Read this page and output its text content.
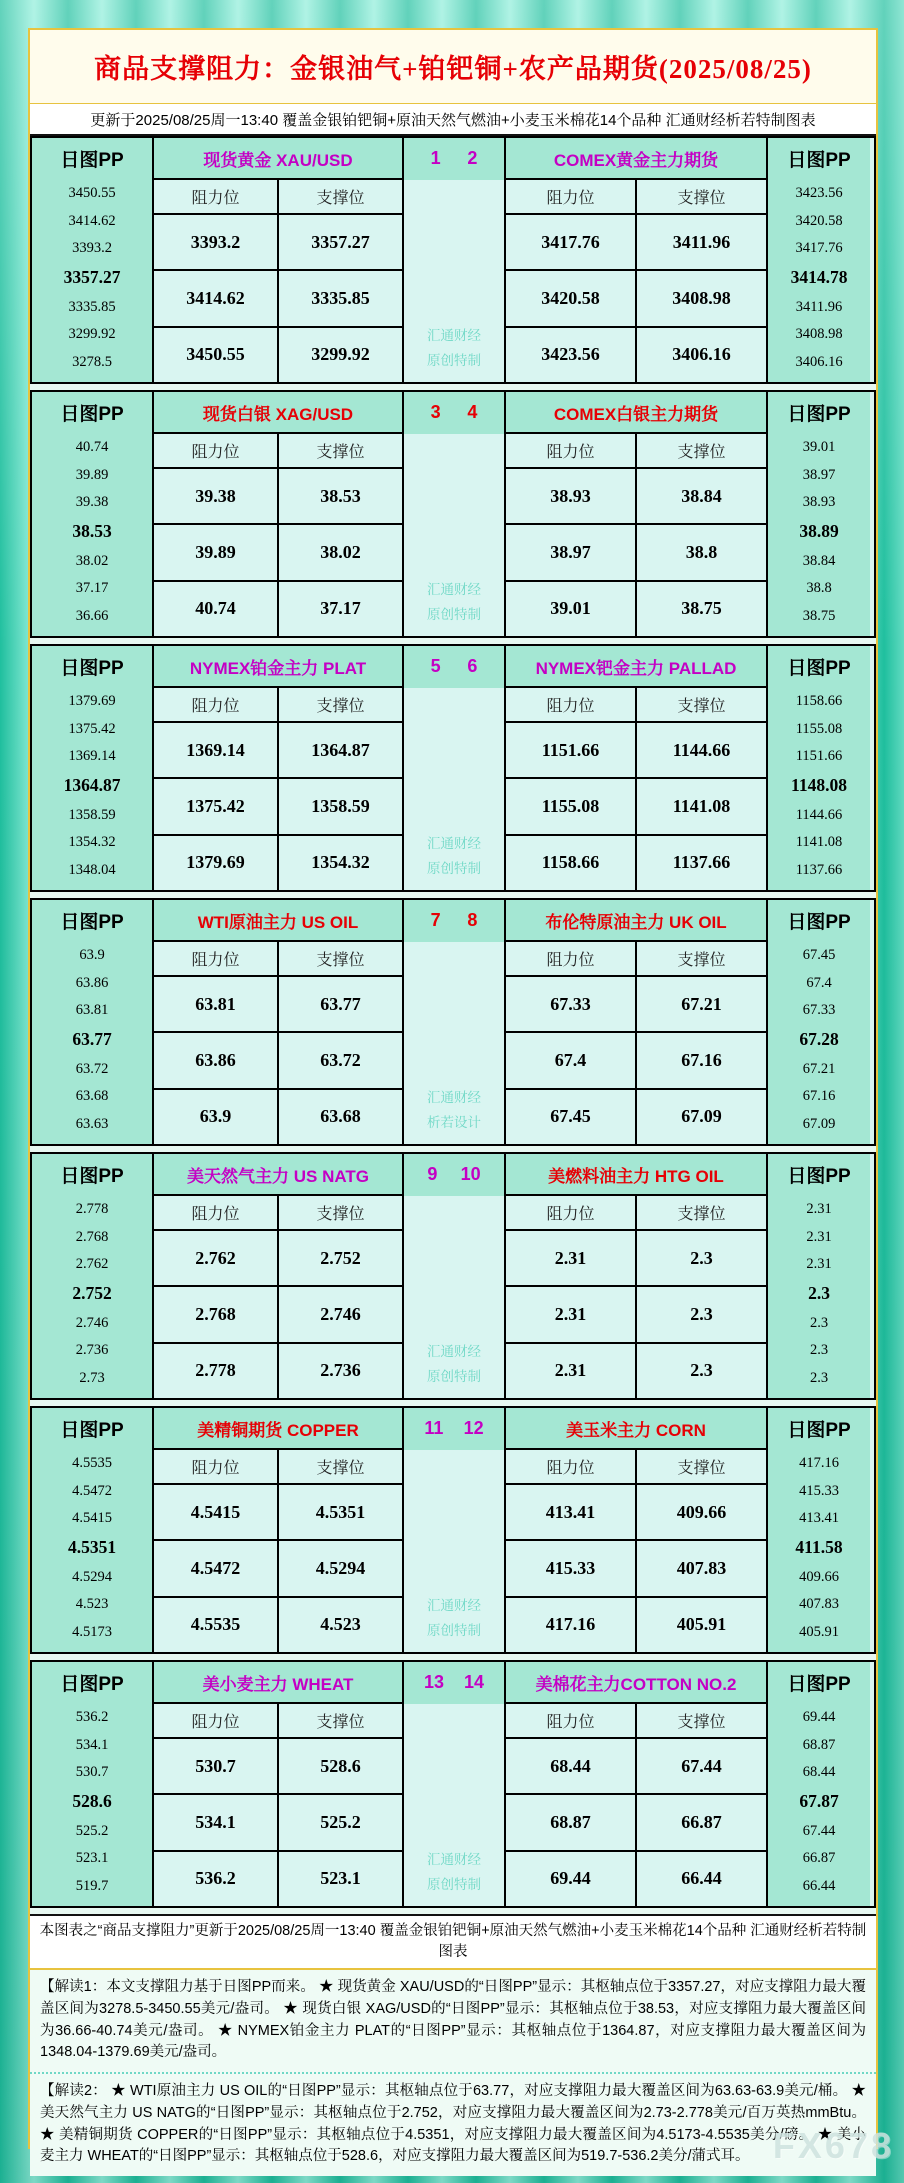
商品支撑阻力：金银油气+铂钯铜+农产品期货(2025/08/25)
更新于2025/08/25周一13:40 覆盖金银铂钯铜+原油天然气燃油+小麦玉米棉花14个品种 汇通财经析若特制图表
日图PP
3450.55
3414.62
3393.2
3357.27
3335.85
3299.92
3278.5
现货黄金 XAU/USD
阻力位	支撑位
3393.2	3357.27
3414.62	3335.85
3450.55	3299.92
1 2
汇通财经
原创特制
COMEX黄金主力期货
阻力位	支撑位
3417.76	3411.96
3420.58	3408.98
3423.56	3406.16
日图PP
3423.56
3420.58
3417.76
3414.78
3411.96
3408.98
3406.16
日图PP
40.74
39.89
39.38
38.53
38.02
37.17
36.66
现货白银 XAG/USD
阻力位	支撑位
39.38	38.53
39.89	38.02
40.74	37.17
3 4
汇通财经
原创特制
COMEX白银主力期货
阻力位	支撑位
38.93	38.84
38.97	38.8
39.01	38.75
日图PP
39.01
38.97
38.93
38.89
38.84
38.8
38.75
日图PP
1379.69
1375.42
1369.14
1364.87
1358.59
1354.32
1348.04
NYMEX铂金主力 PLAT
阻力位	支撑位
1369.14	1364.87
1375.42	1358.59
1379.69	1354.32
5 6
汇通财经
原创特制
NYMEX钯金主力 PALLAD
阻力位	支撑位
1151.66	1144.66
1155.08	1141.08
1158.66	1137.66
日图PP
1158.66
1155.08
1151.66
1148.08
1144.66
1141.08
1137.66
日图PP
63.9
63.86
63.81
63.77
63.72
63.68
63.63
WTI原油主力 US OIL
阻力位	支撑位
63.81	63.77
63.86	63.72
63.9	63.68
7 8
汇通财经
析若设计
布伦特原油主力 UK OIL
阻力位	支撑位
67.33	67.21
67.4	67.16
67.45	67.09
日图PP
67.45
67.4
67.33
67.28
67.21
67.16
67.09
日图PP
2.778
2.768
2.762
2.752
2.746
2.736
2.73
美天然气主力 US NATG
阻力位	支撑位
2.762	2.752
2.768	2.746
2.778	2.736
9 10
汇通财经
原创特制
美燃料油主力 HTG OIL
阻力位	支撑位
2.31	2.3
2.31	2.3
2.31	2.3
日图PP
2.31
2.31
2.31
2.3
2.3
2.3
2.3
日图PP
4.5535
4.5472
4.5415
4.5351
4.5294
4.523
4.5173
美精铜期货 COPPER
阻力位	支撑位
4.5415	4.5351
4.5472	4.5294
4.5535	4.523
11 12
汇通财经
原创特制
美玉米主力 CORN
阻力位	支撑位
413.41	409.66
415.33	407.83
417.16	405.91
日图PP
417.16
415.33
413.41
411.58
409.66
407.83
405.91
日图PP
536.2
534.1
530.7
528.6
525.2
523.1
519.7
美小麦主力 WHEAT
阻力位	支撑位
530.7	528.6
534.1	525.2
536.2	523.1
13 14
汇通财经
原创特制
美棉花主力COTTON NO.2
阻力位	支撑位
68.44	67.44
68.87	66.87
69.44	66.44
日图PP
69.44
68.87
68.44
67.87
67.44
66.87
66.44
本图表之“商品支撑阻力”更新于2025/08/25周一13:40 覆盖金银铂钯铜+原油天然气燃油+小麦玉米棉花14个品种 汇通财经析若特制图表
【解读1：本文支撑阻力基于日图PP而来。 ★ 现货黄金 XAU/USD的“日图PP”显示：其枢轴点位于3357.27，对应支撑阻力最大覆盖区间为3278.5-3450.55美元/盎司。 ★ 现货白银 XAG/USD的“日图PP”显示：其枢轴点位于38.53，对应支撑阻力最大覆盖区间为36.66-40.74美元/盎司。 ★ NYMEX铂金主力 PLAT的“日图PP”显示：其枢轴点位于1364.87，对应支撑阻力最大覆盖区间为1348.04-1379.69美元/盎司。
【解读2： ★ WTI原油主力 US OIL的“日图PP”显示：其枢轴点位于63.77，对应支撑阻力最大覆盖区间为63.63-63.9美元/桶。 ★ 美天然气主力 US NATG的“日图PP”显示：其枢轴点位于2.752，对应支撑阻力最大覆盖区间为2.73-2.778美元/百万英热mmBtu。 ★ 美精铜期货 COPPER的“日图PP”显示：其枢轴点位于4.5351，对应支撑阻力最大覆盖区间为4.5173-4.5535美分/磅。 ★ 美小麦主力 WHEAT的“日图PP”显示：其枢轴点位于528.6，对应支撑阻力最大覆盖区间为519.7-536.2美分/蒲式耳。 FX678
